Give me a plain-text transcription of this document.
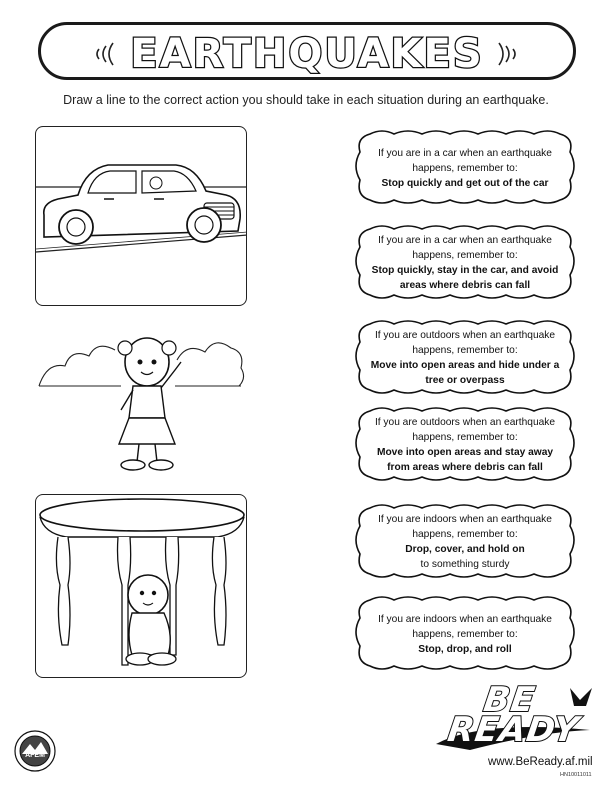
EARTHQUAKES
Draw a line to the correct action you should take in each situation during an earthquake.
If you are in a car when an earthquake
happens, remember to:
Stop quickly and get out of the car
If you are in a car when an earthquake
happens, remember to:
Stop quickly, stay in the car, and avoid
areas where debris can fall
If you are outdoors when an earthquake
happens, remember to:
Move into open areas and hide under a
tree or overpass
If you are outdoors when an earthquake
happens, remember to:
Move into open areas and stay away
from areas where debris can fall
If you are indoors when an earthquake
happens, remember to:
Drop, cover, and hold on
to something sturdy
If you are indoors when an earthquake
happens, remember to:
Stop, drop, and roll
AFEM
BE
READY
www.BeReady.af.mil
HN10011011
